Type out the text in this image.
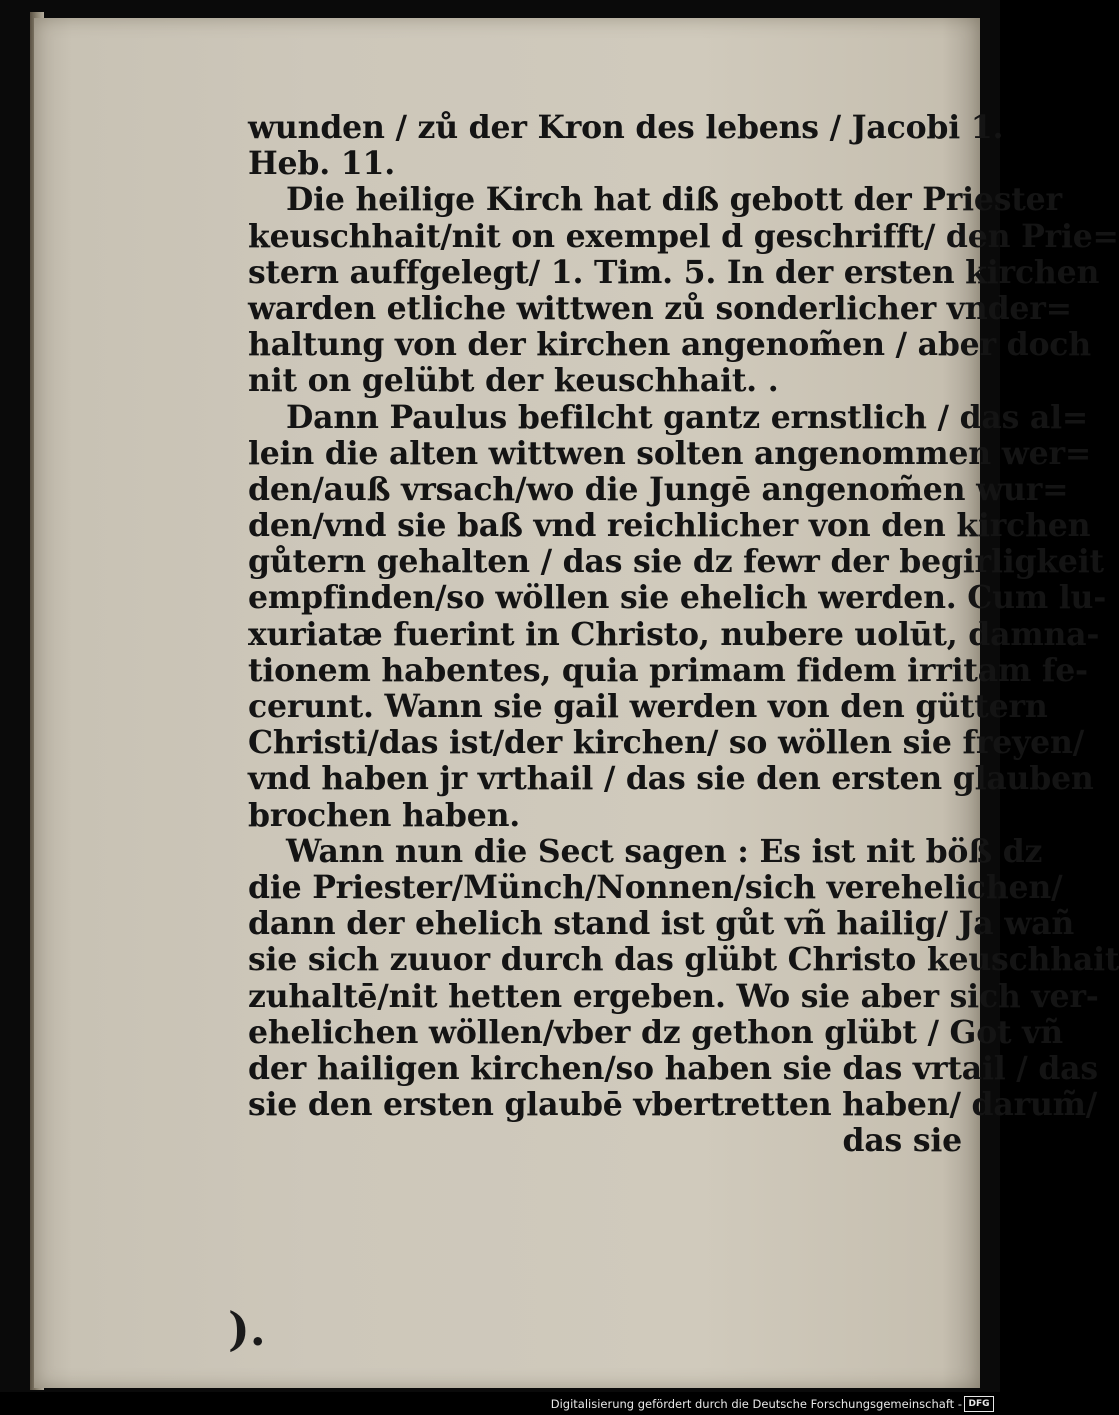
wunden / zů der Kron des lebens / Jacobi 1.
Heb. 11.
Die heilige Kirch hat diß gebott der Priester
keuschhait/nit on exempel d geschrifft/ den Prie=
stern auffgelegt/ 1. Tim. 5. In der ersten kirchen
warden etliche wittwen zů sonderlicher vnder=
haltung von der kirchen angenom̃en / aber doch
nit on gelübt der keuschhait. .
Dann Paulus befilcht gantz ernstlich / das al=
lein die alten wittwen solten angenommen wer=
den/auß vrsach/wo die Jungē angenom̃en wur=
den/vnd sie baß vnd reichlicher von den kirchen
gůtern gehalten / das sie dz fewr der begirligkeit
empfinden/so wöllen sie ehelich werden. Cum lu-
xuriatæ fuerint in Christo, nubere uolūt, damna-
tionem habentes, quia primam fidem irritam fe-
cerunt. Wann sie gail werden von den güttern
Christi/das ist/der kirchen/ so wöllen sie freyen/
vnd haben jr vrthail / das sie den ersten glauben
brochen haben.
Wann nun die Sect sagen : Es ist nit böß dz
die Priester/Münch/Nonnen/sich verehelichen/
dann der ehelich stand ist gůt vñ hailig/ Ja wañ
sie sich zuuor durch das glübt Christo keuschhait
zuhaltē/nit hetten ergeben. Wo sie aber sich ver-
ehelichen wöllen/vber dz gethon glübt / Got vñ
der hailigen kirchen/so haben sie das vrtail / das
sie den ersten glaubē vbertretten haben/ darum̃/
das sie
).
Digitalisierung gefördert durch die Deutsche Forschungsgemeinschaft - DFG
